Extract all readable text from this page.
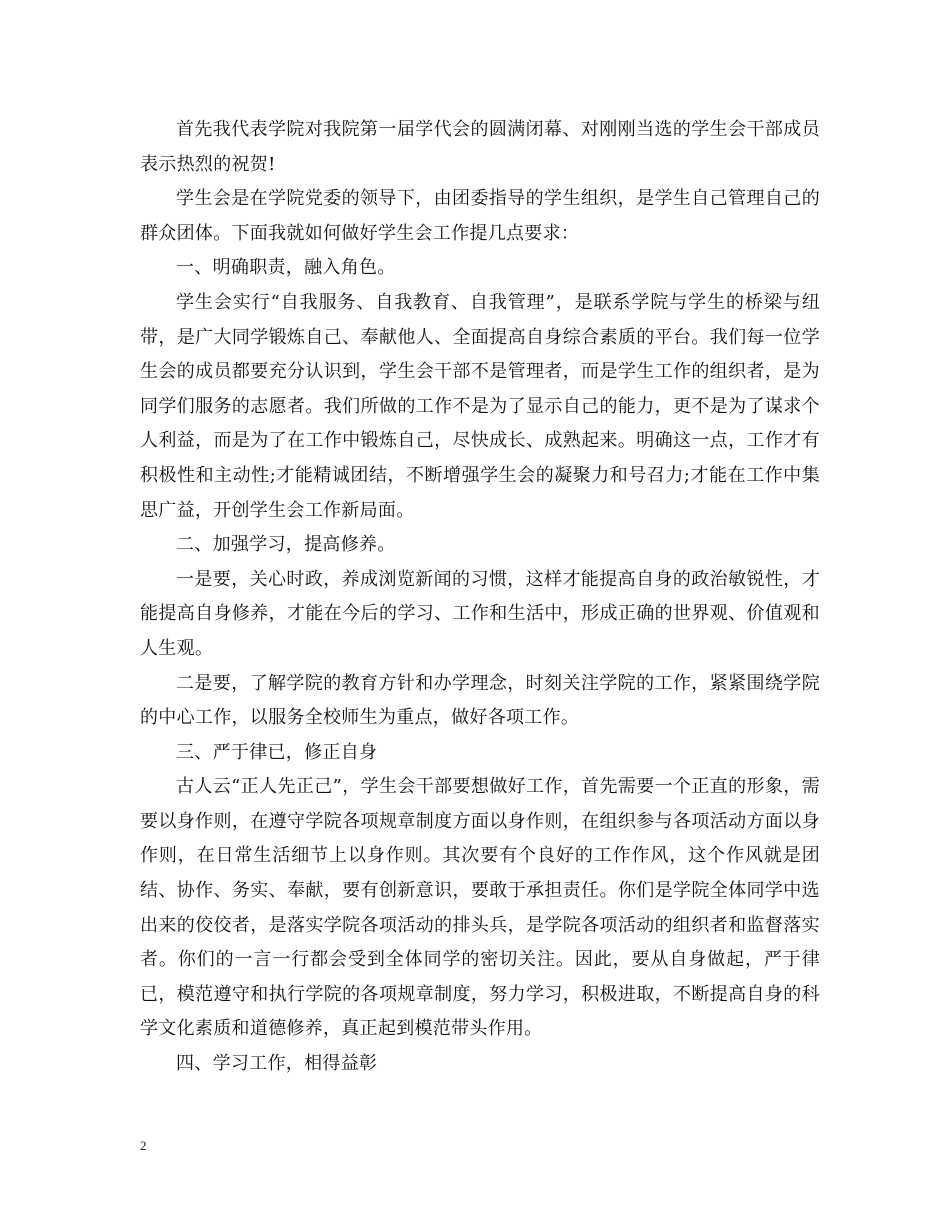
首先我代表学院对我院第一届学代会的圆满闭幕、对刚刚当选的学生会干部成员表示热烈的祝贺!

学生会是在学院党委的领导下，由团委指导的学生组织，是学生自己管理自己的群众团体。下面我就如何做好学生会工作提几点要求：

一、明确职责，融入角色。

学生会实行“自我服务、自我教育、自我管理”，是联系学院与学生的桥梁与纽带，是广大同学锻炼自己、奉献他人、全面提高自身综合素质的平台。我们每一位学生会的成员都要充分认识到，学生会干部不是管理者，而是学生工作的组织者，是为同学们服务的志愿者。我们所做的工作不是为了显示自己的能力，更不是为了谋求个人利益，而是为了在工作中锻炼自己，尽快成长、成熟起来。明确这一点，工作才有积极性和主动性;才能精诚团结，不断增强学生会的凝聚力和号召力;才能在工作中集思广益，开创学生会工作新局面。

二、加强学习，提高修养。

一是要，关心时政，养成浏览新闻的习惯，这样才能提高自身的政治敏锐性，才能提高自身修养，才能在今后的学习、工作和生活中，形成正确的世界观、价值观和人生观。

二是要，了解学院的教育方针和办学理念，时刻关注学院的工作，紧紧围绕学院的中心工作，以服务全校师生为重点，做好各项工作。

三、严于律已，修正自身

古人云“正人先正己”，学生会干部要想做好工作，首先需要一个正直的形象，需要以身作则，在遵守学院各项规章制度方面以身作则，在组织参与各项活动方面以身作则，在日常生活细节上以身作则。其次要有个良好的工作作风，这个作风就是团结、协作、务实、奉献，要有创新意识，要敢于承担责任。你们是学院全体同学中选出来的佼佼者，是落实学院各项活动的排头兵，是学院各项活动的组织者和监督落实者。你们的一言一行都会受到全体同学的密切关注。因此，要从自身做起，严于律已，模范遵守和执行学院的各项规章制度，努力学习，积极进取，不断提高自身的科学文化素质和道德修养，真正起到模范带头作用。

四、学习工作，相得益彰

2
